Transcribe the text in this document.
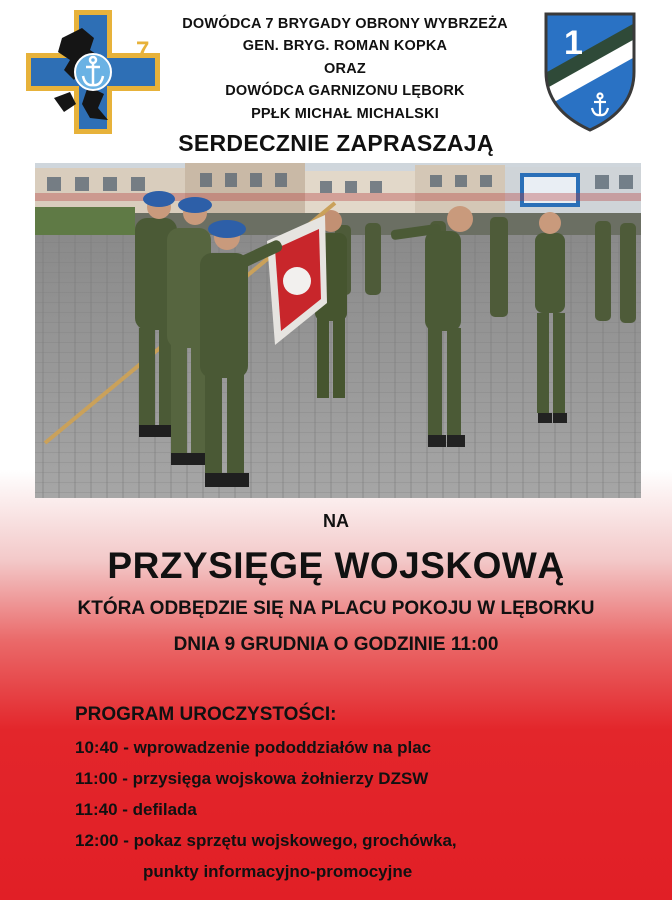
7
DOWÓDCA 7 BRYGADY OBRONY WYBRZEŻA
GEN. BRYG. ROMAN KOPKA
ORAZ
DOWÓDCA GARNIZONU LĘBORK
PPŁK MICHAŁ MICHALSKI
1
SERDECZNIE ZAPRASZAJĄ
NA
PRZYSIĘGĘ WOJSKOWĄ
KTÓRA ODBĘDZIE SIĘ NA PLACU POKOJU W LĘBORKU
DNIA 9 GRUDNIA O GODZINIE 11:00
PROGRAM UROCZYSTOŚCI:
10:40 - wprowadzenie pododdziałów na plac
11:00 - przysięga wojskowa żołnierzy DZSW
11:40 - defilada
12:00 - pokaz sprzętu wojskowego, grochówka,
punkty informacyjno-promocyjne
